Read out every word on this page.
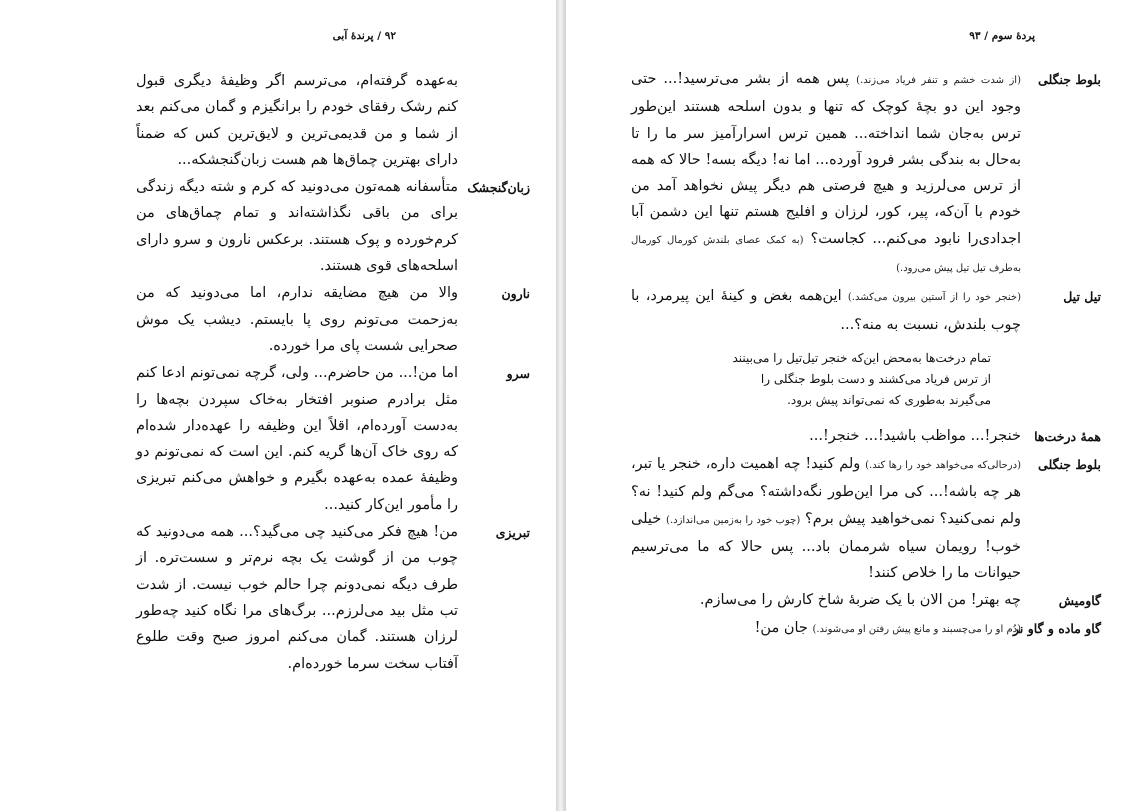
۹۲ / پرندهٔ آبی
به‌عهده گرفته‌ام، می‌ترسم اگر وظیفهٔ دیگری قبول کنم رشک رفقای خودم را برانگیزم و گمان می‌کنم بعد از شما و من قدیمی‌ترین و لایق‌ترین کس که ضمناً دارای بهترین چماق‌ها هم هست زبان‌گنجشکه...
زبان‌گنجشک
متأسفانه همه‌تون می‌دونید که کرم و شته دیگه زندگی برای من باقی نگذاشته‌اند و تمام چماق‌های من کرم‌خورده و پوک هستند. برعکس نارون و سرو دارای اسلحه‌های قوی هستند.
نارون
والا من هیچ مضایقه ندارم، اما می‌دونید که من به‌زحمت می‌تونم روی پا بایستم. دیشب یک موش صحرایی شست پای مرا خورده.
سرو
اما من!... من حاضرم... ولی، گرچه نمی‌تونم ادعا کنم مثل برادرم صنوبر افتخار به‌خاک سپردن بچه‌ها را به‌دست آورده‌ام، اقلاً این وظیفه را عهده‌دار شده‌ام که روی خاک آن‌ها گریه کنم. این است که نمی‌تونم دو وظیفهٔ عمده به‌عهده بگیرم و خواهش می‌کنم تبریزی را مأمور این‌کار کنید...
تبریزی
من! هیچ فکر می‌کنید چی می‌گید؟... همه می‌دونید که چوب من از گوشت یک بچه نرم‌تر و سست‌تره. از طرف دیگه نمی‌دونم چرا حالم خوب نیست. از شدت تب مثل بید می‌لرزم... برگ‌های مرا نگاه کنید چه‌طور لرزان هستند. گمان می‌کنم امروز صبح وقت طلوع آفتاب سخت سرما خورده‌ام.
پردهٔ سوم / ۹۳
بلوط جنگلی
(از شدت خشم و تنفر فریاد می‌زند.) پس همه از بشر می‌ترسید!... حتی وجود این دو بچهٔ کوچک که تنها و بدون اسلحه هستند این‌طور ترس به‌جان شما انداخته... همین ترس اسرارآمیز سر ما را تا به‌حال به بندگی بشر فرود آورده... اما نه! دیگه بسه! حالا که همه از ترس می‌لرزید و هیچ فرصتی هم دیگر پیش نخواهد آمد من خودم با آن‌که، پیر، کور، لرزان و افلیج هستم تنها این دشمن آبا اجدادی‌را نابود می‌کنم... کجاست؟ (به کمک عصای بلندش کورمال کورمال به‌طرف تیل تیل پیش می‌رود.)
تیل تیل
(خنجر خود را از آستین بیرون می‌کشد.) این‌همه بغض و کینهٔ این پیرمرد، با چوب بلندش، نسبت به منه؟...
تمام درخت‌ها به‌محض این‌که خنجر تیل‌تیل را می‌بینند از ترس فریاد می‌کشند و دست بلوط جنگلی را می‌گیرند به‌طوری که نمی‌تواند پیش برود.
همهٔ درخت‌ها
خنجر!... مواظب باشید!... خنجر!...
بلوط جنگلی
(درحالی‌که می‌خواهد خود را رها کند.) ولم کنید! چه اهمیت داره، خنجر یا تبر، هر چه باشه!... کی مرا این‌طور نگه‌داشته؟ می‌گم ولم کنید! نه؟ ولم نمی‌کنید؟ نمی‌خواهید پیش برم؟ (چوب خود را به‌زمین می‌اندازد.) خیلی خوب! رویمان سیاه شرممان باد... پس حالا که ما می‌ترسیم حیوانات ما را خلاص کنند!
گاومیش
چه بهتر! من الان با یک ضربهٔ شاخ کارش را می‌سازم.
گاو ماده و گاو نر
(دُم او را می‌چسبند و مانع پیش رفتن او می‌شوند.) جان من!
